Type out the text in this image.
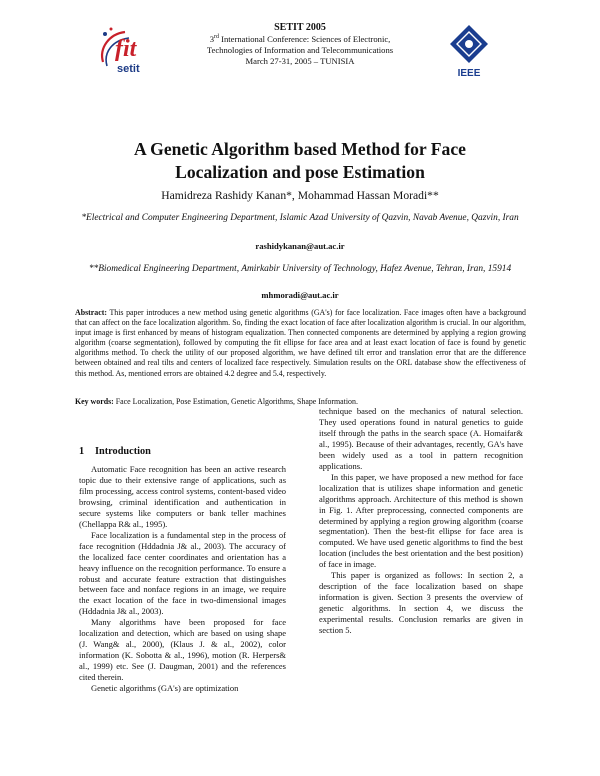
fit
setit
SETIT 2005
3rd International Conference: Sciences of Electronic,
Technologies of Information and Telecommunications
March 27-31, 2005 – TUNISIA
IEEE
A Genetic Algorithm based Method for Face
Localization and pose Estimation
Hamidreza Rashidy Kanan*, Mohammad Hassan Moradi**
*Electrical and Computer Engineering Department, Islamic Azad University of Qazvin, Navab Avenue, Qazvin, Iran
rashidykanan@aut.ac.ir
**Biomedical Engineering Department, Amirkabir University of Technology, Hafez Avenue, Tehran, Iran, 15914
mhmoradi@aut.ac.ir
Abstract: This paper introduces a new method using genetic algorithms (GA's) for face localization. Face images often have a background that can affect on the face localization algorithm. So, finding the exact location of face after localization algorithm is crucial. In our algorithm, input image is first enhanced by means of histogram equalization. Then connected components are determined by applying a region growing algorithm (coarse segmentation), followed by computing the fit ellipse for face area and at least exact location of face is found by genetic algorithms method. To check the utility of our proposed algorithm, we have defined tilt error and translation error that are the difference between obtained and real tilts and centers of localized face respectively. Simulation results on the ORL database show the effectiveness of this method. As, mentioned errors are obtained 4.2 degree and 5.4, respectively.
Key words: Face Localization, Pose Estimation, Genetic Algorithms, Shape Information.
1 Introduction

Automatic Face recognition has been an active research topic due to their extensive range of applications, such as film processing, access control systems, content-based video browsing, criminal identification and authentication in secure systems like computers or bank teller machines (Chellappa R& al., 1995).

Face localization is a fundamental step in the process of face recognition (Hddadnia J& al., 2003). The accuracy of the localized face center coordinates and orientation has a heavy influence on the recognition performance. To ensure a robust and accurate feature extraction that distinguishes between face and nonface regions in an image, we require the exact location of the face in two-dimensional images (Hddadnia J& al., 2003).

Many algorithms have been proposed for face localization and detection, which are based on using shape (J. Wang& al., 2000), (Klaus J. & al., 2002), color information (K. Sobotta & al., 1996), motion (R. Herpers& al., 1999) etc. See (J. Daugman, 2001) and the references cited therein.

Genetic algorithms (GA's) are optimization

technique based on the mechanics of natural selection. They used operations found in natural genetics to guide itself through the paths in the search space (A. Homaifar& al., 1995). Because of their advantages, recently, GA's have been widely used as a tool in pattern recognition applications.

In this paper, we have proposed a new method for face localization that is utilizes shape information and genetic algorithms approach. Architecture of this method is shown in Fig. 1. After preprocessing, connected components are determined by applying a region growing algorithm (coarse segmentation). Then the best-fit ellipse for face area is computed. We have used genetic algorithms to find the best location (includes the best orientation and the best position) of face in image.

This paper is organized as follows: In section 2, a description of the face localization based on shape information is given. Section 3 presents the overview of genetic algorithms. In section 4, we discuss the experimental results. Conclusion remarks are given in section 5.
